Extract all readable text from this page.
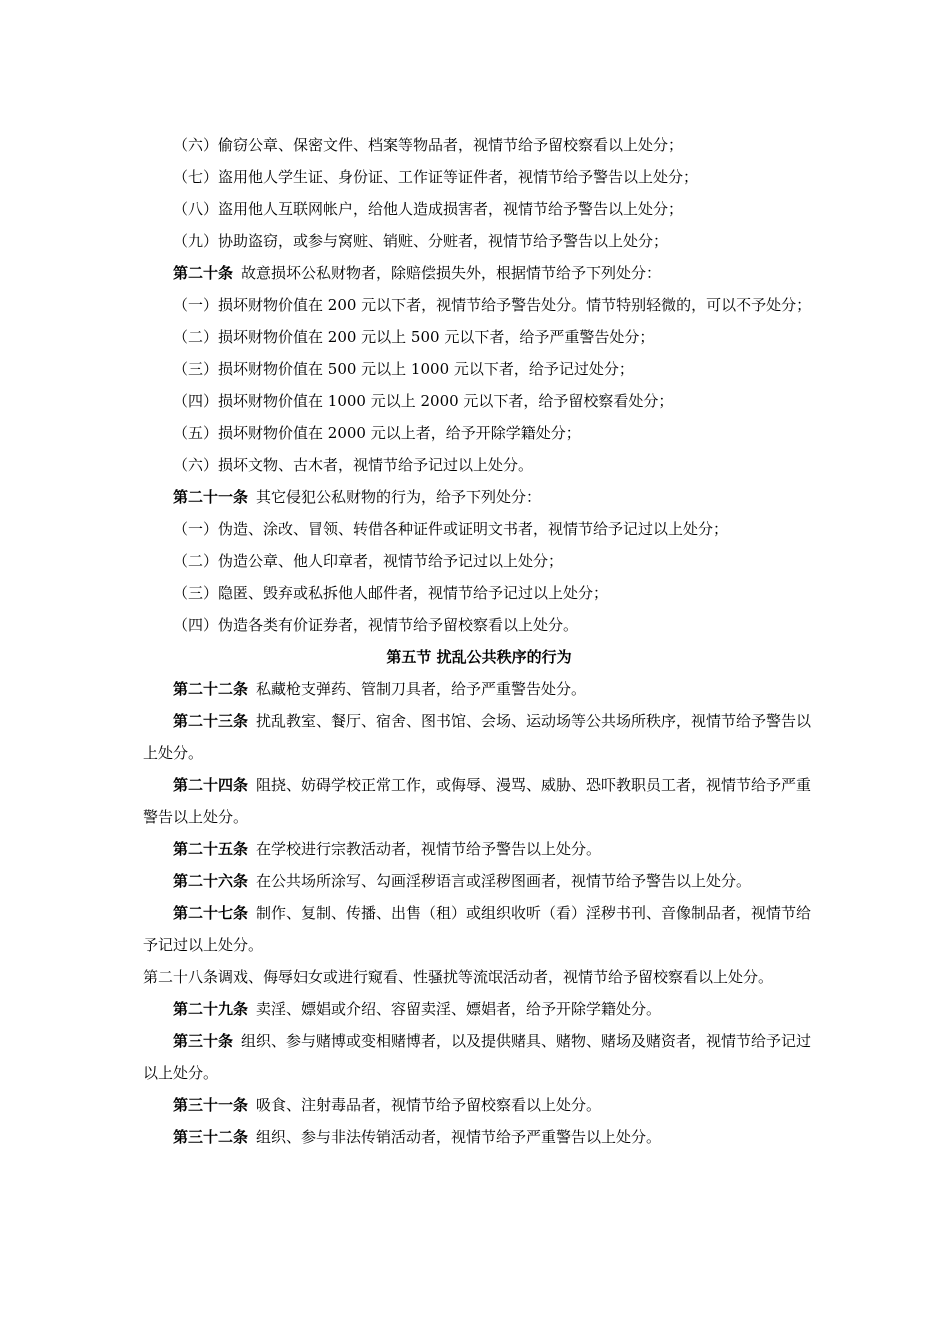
（六）偷窃公章、保密文件、档案等物品者，视情节给予留校察看以上处分；

（七）盗用他人学生证、身份证、工作证等证件者，视情节给予警告以上处分；

（八）盗用他人互联网帐户，给他人造成损害者，视情节给予警告以上处分；

（九）协助盗窃，或参与窝赃、销赃、分赃者，视情节给予警告以上处分；

第二十条 故意损坏公私财物者，除赔偿损失外，根据情节给予下列处分：

（一）损坏财物价值在 200 元以下者，视情节给予警告处分。情节特别轻微的，可以不予处分；

（二）损坏财物价值在 200 元以上 500 元以下者，给予严重警告处分；

（三）损坏财物价值在 500 元以上 1000 元以下者，给予记过处分；

（四）损坏财物价值在 1000 元以上 2000 元以下者，给予留校察看处分；

（五）损坏财物价值在 2000 元以上者，给予开除学籍处分；

（六）损坏文物、古木者，视情节给予记过以上处分。

第二十一条 其它侵犯公私财物的行为，给予下列处分：

（一）伪造、涂改、冒领、转借各种证件或证明文书者，视情节给予记过以上处分；

（二）伪造公章、他人印章者，视情节给予记过以上处分；

（三）隐匿、毁弃或私拆他人邮件者，视情节给予记过以上处分；

（四）伪造各类有价证券者，视情节给予留校察看以上处分。

第五节 扰乱公共秩序的行为

第二十二条 私藏枪支弹药、管制刀具者，给予严重警告处分。

第二十三条 扰乱教室、餐厅、宿舍、图书馆、会场、运动场等公共场所秩序，视情节给予警告以上处分。

第二十四条 阻挠、妨碍学校正常工作，或侮辱、漫骂、威胁、恐吓教职员工者，视情节给予严重警告以上处分。

第二十五条 在学校进行宗教活动者，视情节给予警告以上处分。

第二十六条 在公共场所涂写、勾画淫秽语言或淫秽图画者，视情节给予警告以上处分。

第二十七条 制作、复制、传播、出售（租）或组织收听（看）淫秽书刊、音像制品者，视情节给予记过以上处分。

第二十八条调戏、侮辱妇女或进行窥看、性骚扰等流氓活动者，视情节给予留校察看以上处分。

第二十九条 卖淫、嫖娼或介绍、容留卖淫、嫖娼者，给予开除学籍处分。

第三十条 组织、参与赌博或变相赌博者，以及提供赌具、赌物、赌场及赌资者，视情节给予记过以上处分。

第三十一条 吸食、注射毒品者，视情节给予留校察看以上处分。

第三十二条 组织、参与非法传销活动者，视情节给予严重警告以上处分。
